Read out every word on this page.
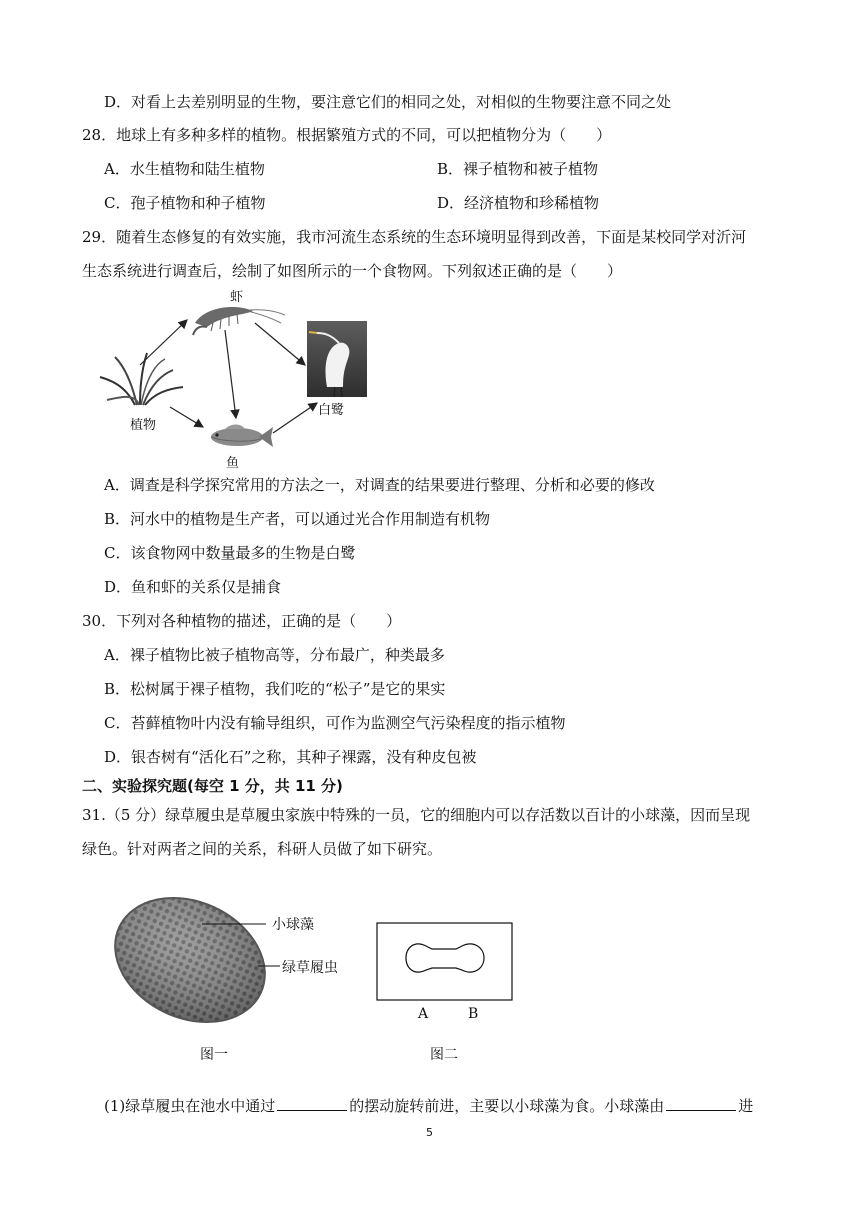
D．对看上去差别明显的生物，要注意它们的相同之处，对相似的生物要注意不同之处
28．地球上有多种多样的植物。根据繁殖方式的不同，可以把植物分为（　　）
A．水生植物和陆生植物	B．裸子植物和被子植物
C．孢子植物和种子植物	D．经济植物和珍稀植物
29．随着生态修复的有效实施，我市河流生态系统的生态环境明显得到改善，下面是某校同学对沂河
生态系统进行调查后，绘制了如图所示的一个食物网。下列叙述正确的是（　　）
虾
植物
鱼
白鹭
A．调查是科学探究常用的方法之一，对调查的结果要进行整理、分析和必要的修改
B．河水中的植物是生产者，可以通过光合作用制造有机物
C．该食物网中数量最多的生物是白鹭
D．鱼和虾的关系仅是捕食
30．下列对各种植物的描述，正确的是（　　）
A．裸子植物比被子植物高等，分布最广，种类最多
B．松树属于裸子植物，我们吃的“松子”是它的果实
C．苔藓植物叶内没有输导组织，可作为监测空气污染程度的指示植物
D．银杏树有“活化石”之称，其种子裸露，没有种皮包被
二、实验探究题(每空 1 分，共 11 分)
31.（5 分）绿草履虫是草履虫家族中特殊的一员，它的细胞内可以存活数以百计的小球藻，因而呈现
绿色。针对两者之间的关系，科研人员做了如下研究。
小球藻
绿草履虫
图一
A	B
图二
(1)绿草履虫在池水中通过	的摆动旋转前进，主要以小球藻为食。小球藻由	进
5
